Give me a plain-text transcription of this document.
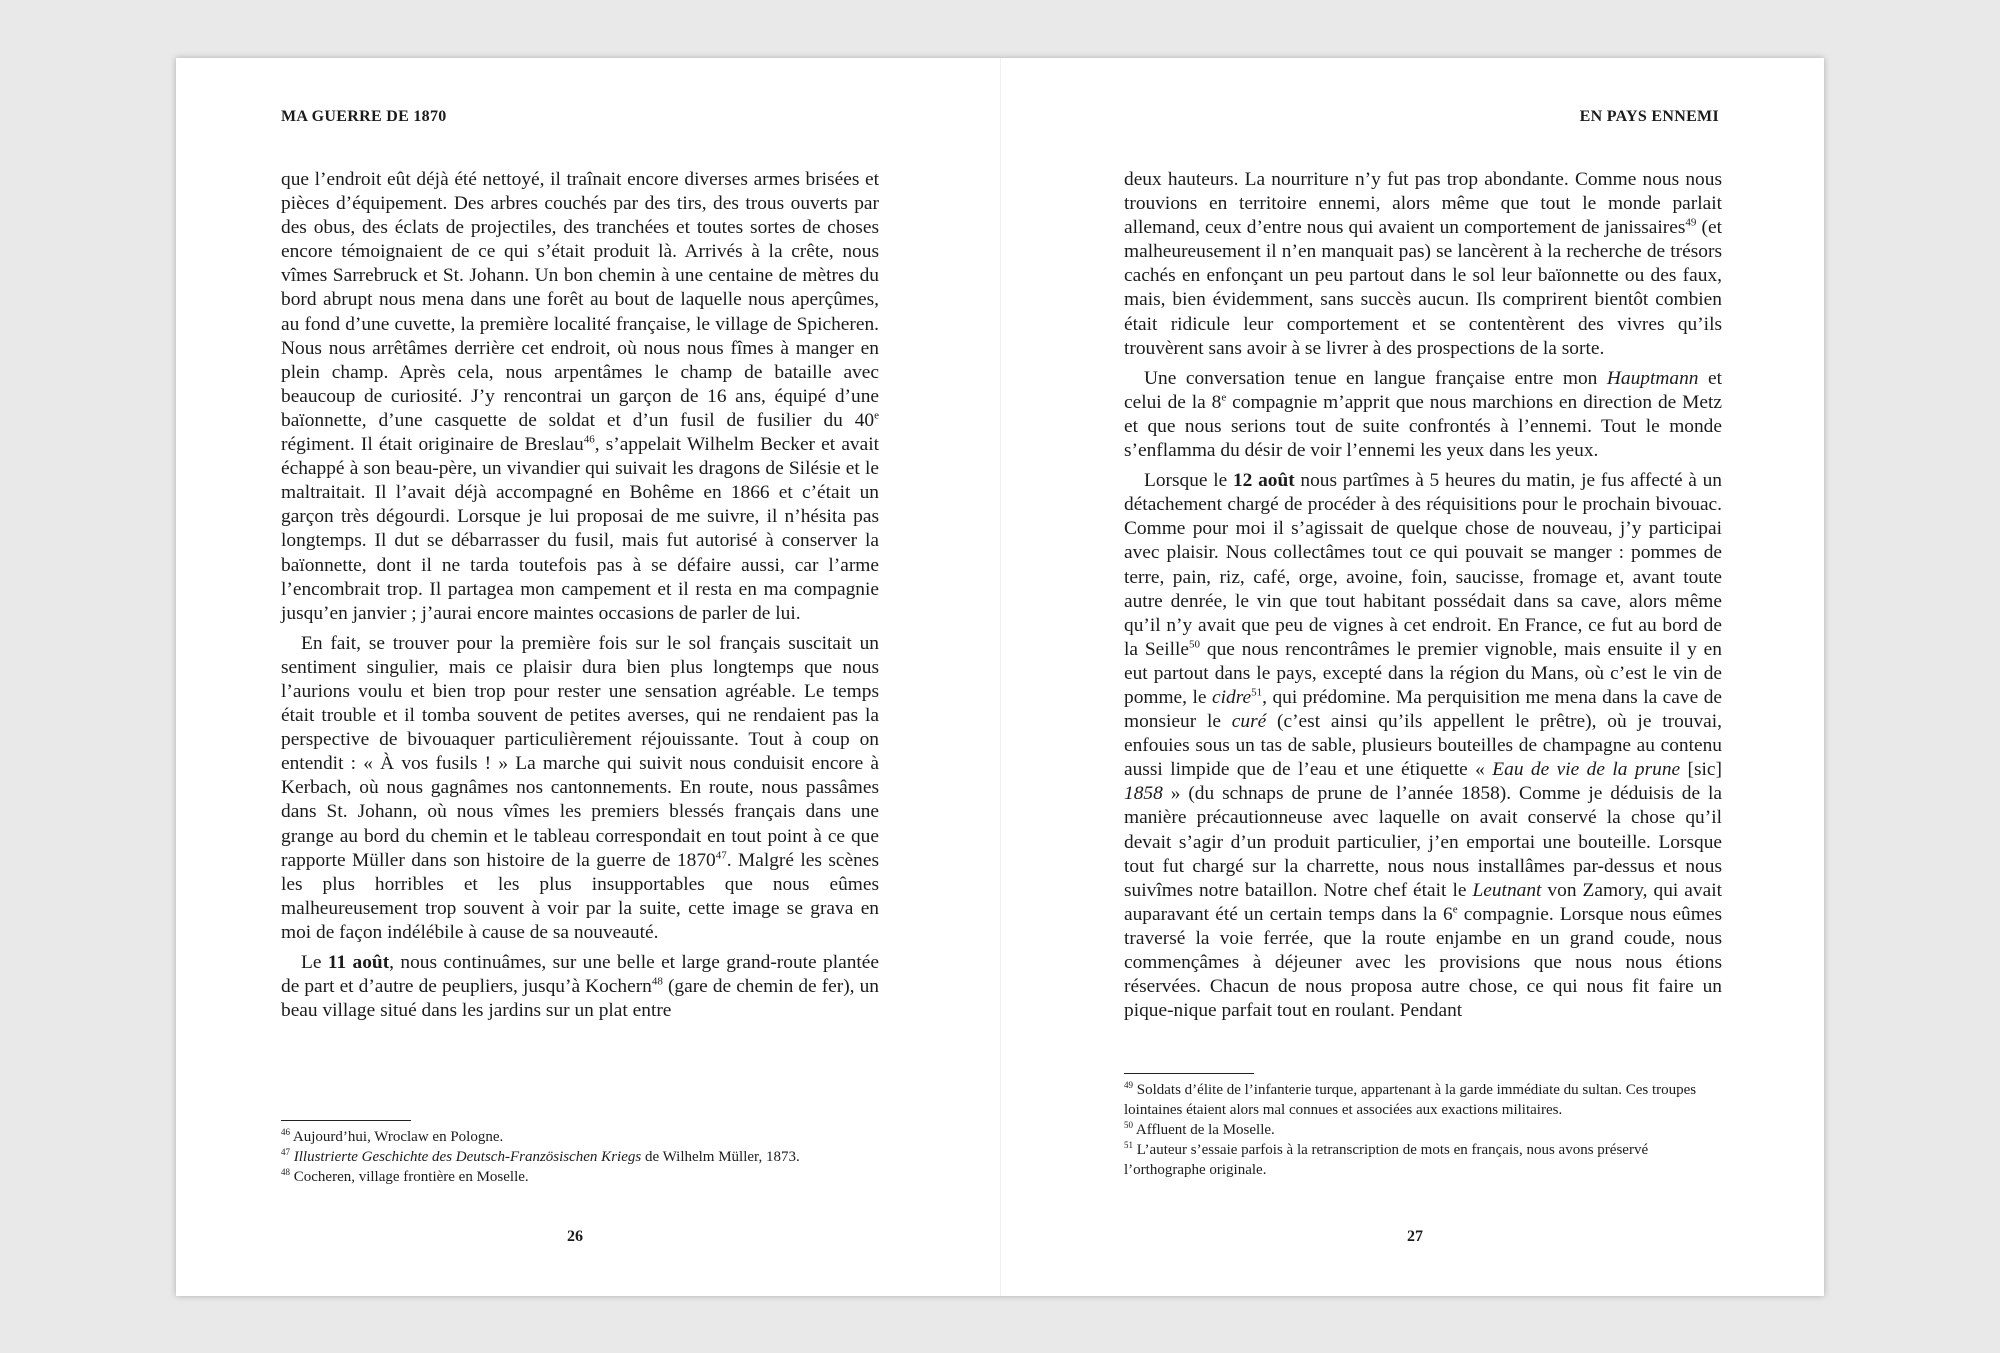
MA GUERRE DE 1870

que l’endroit eût déjà été nettoyé, il traînait encore diverses armes brisées et pièces d’équipement. Des arbres couchés par des tirs, des trous ouverts par des obus, des éclats de projectiles, des tranchées et toutes sortes de choses encore témoignaient de ce qui s’était produit là. Arrivés à la crête, nous vîmes Sarrebruck et St. Johann. Un bon chemin à une centaine de mètres du bord abrupt nous mena dans une forêt au bout de laquelle nous aperçûmes, au fond d’une cuvette, la première localité française, le village de Spicheren. Nous nous arrêtâmes derrière cet endroit, où nous nous fîmes à manger en plein champ. Après cela, nous arpentâmes le champ de bataille avec beaucoup de curiosité. J’y rencontrai un garçon de 16 ans, équipé d’une baïonnette, d’une casquette de soldat et d’un fusil de fusilier du 40e régiment. Il était originaire de Breslau$^{46}$, s’appelait Wilhelm Becker et avait échappé à son beau-père, un vivandier qui suivait les dragons de Silésie et le maltraitait. Il l’avait déjà accompagné en Bohême en 1866 et c’était un garçon très dégourdi. Lorsque je lui proposai de me suivre, il n’hésita pas longtemps. Il dut se débarrasser du fusil, mais fut autorisé à conserver la baïonnette, dont il ne tarda toutefois pas à se défaire aussi, car l’arme l’encombrait trop. Il partagea mon campement et il resta en ma compagnie jusqu’en janvier ; j’aurai encore maintes occasions de parler de lui.

En fait, se trouver pour la première fois sur le sol français suscitait un sentiment singulier, mais ce plaisir dura bien plus longtemps que nous l’aurions voulu et bien trop pour rester une sensation agréable. Le temps était trouble et il tomba souvent de petites averses, qui ne rendaient pas la perspective de bivouaquer particulièrement réjouissante. Tout à coup on entendit : « À vos fusils ! » La marche qui suivit nous conduisit encore à Kerbach, où nous gagnâmes nos cantonnements. En route, nous passâmes dans St. Johann, où nous vîmes les premiers blessés français dans une grange au bord du chemin et le tableau correspondait en tout point à ce que rapporte Müller dans son histoire de la guerre de 1870$^{47}$. Malgré les scènes les plus horribles et les plus insupportables que nous eûmes malheureusement trop souvent à voir par la suite, cette image se grava en moi de façon indélébile à cause de sa nouveauté.

Le 11 août, nous continuâmes, sur une belle et large grand-route plantée de part et d’autre de peupliers, jusqu’à Kochern$^{48}$ (gare de chemin de fer), un beau village situé dans les jardins sur un plat entre

$^{46}$ Aujourd’hui, Wroclaw en Pologne.

$^{47}$ Illustrierte Geschichte des Deutsch-Französischen Kriegs de Wilhelm Müller, 1873.

$^{48}$ Cocheren, village frontière en Moselle.

26
EN PAYS ENNEMI

deux hauteurs. La nourriture n’y fut pas trop abondante. Comme nous nous trouvions en territoire ennemi, alors même que tout le monde parlait allemand, ceux d’entre nous qui avaient un comportement de janissaires$^{49}$ (et malheureusement il n’en manquait pas) se lancèrent à la recherche de trésors cachés en enfonçant un peu partout dans le sol leur baïonnette ou des faux, mais, bien évidemment, sans succès aucun. Ils comprirent bientôt combien était ridicule leur comportement et se contentèrent des vivres qu’ils trouvèrent sans avoir à se livrer à des prospections de la sorte.

Une conversation tenue en langue française entre mon Hauptmann et celui de la 8e compagnie m’apprit que nous marchions en direction de Metz et que nous serions tout de suite confrontés à l’ennemi. Tout le monde s’enflamma du désir de voir l’ennemi les yeux dans les yeux.

Lorsque le 12 août nous partîmes à 5 heures du matin, je fus affecté à un détachement chargé de procéder à des réquisitions pour le prochain bivouac. Comme pour moi il s’agissait de quelque chose de nouveau, j’y participai avec plaisir. Nous collectâmes tout ce qui pouvait se manger : pommes de terre, pain, riz, café, orge, avoine, foin, saucisse, fromage et, avant toute autre denrée, le vin que tout habitant possédait dans sa cave, alors même qu’il n’y avait que peu de vignes à cet endroit. En France, ce fut au bord de la Seille$^{50}$ que nous rencontrâmes le premier vignoble, mais ensuite il y en eut partout dans le pays, excepté dans la région du Mans, où c’est le vin de pomme, le cidre$^{51}$, qui prédomine. Ma perquisition me mena dans la cave de monsieur le curé (c’est ainsi qu’ils appellent le prêtre), où je trouvai, enfouies sous un tas de sable, plusieurs bouteilles de champagne au contenu aussi limpide que de l’eau et une étiquette « Eau de vie de la prune [sic] 1858 » (du schnaps de prune de l’année 1858). Comme je déduisis de la manière précautionneuse avec laquelle on avait conservé la chose qu’il devait s’agir d’un produit particulier, j’en emportai une bouteille. Lorsque tout fut chargé sur la charrette, nous nous installâmes par-dessus et nous suivîmes notre bataillon. Notre chef était le Leutnant von Zamory, qui avait auparavant été un certain temps dans la 6e compagnie. Lorsque nous eûmes traversé la voie ferrée, que la route enjambe en un grand coude, nous commençâmes à déjeuner avec les provisions que nous nous étions réservées. Chacun de nous proposa autre chose, ce qui nous fit faire un pique-nique parfait tout en roulant. Pendant

$^{49}$ Soldats d’élite de l’infanterie turque, appartenant à la garde immédiate du sultan. Ces troupes lointaines étaient alors mal connues et associées aux exactions militaires.

$^{50}$ Affluent de la Moselle.

$^{51}$ L’auteur s’essaie parfois à la retranscription de mots en français, nous avons préservé l’orthographe originale.

27
